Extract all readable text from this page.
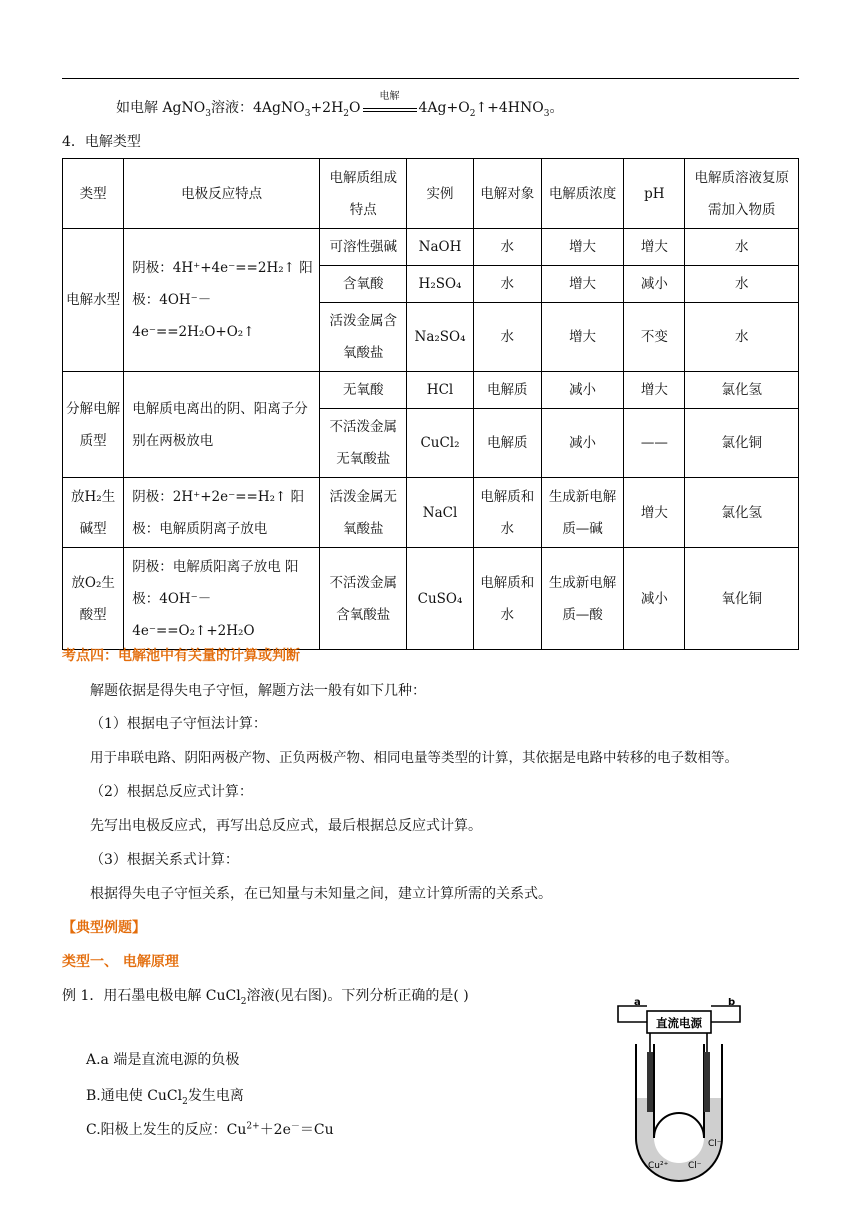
如电解 AgNO$_3$溶液：$4AgNO_3+2H_2O$
电解
$4Ag+O_2↑+4HNO_3$。
4．电解类型
类型	电极反应特点	电解质组成特点	实例	电解对象	电解质浓度	pH	电解质溶液复原需加入物质
电解水型	阴极：4H⁺+4e⁻==2H₂↑ 阳极：4OH⁻－4e⁻==2H₂O+O₂↑	可溶性强碱	NaOH	水	增大	增大	水
		含氧酸	H₂SO₄	水	增大	减小	水
		活泼金属含氧酸盐	Na₂SO₄	水	增大	不变	水
分解电解质型	电解质电离出的阴、阳离子分别在两极放电	无氧酸	HCl	电解质	减小	增大	氯化氢
		不活泼金属无氧酸盐	CuCl₂	电解质	减小	——	氯化铜
放H₂生碱型	阴极：2H⁺+2e⁻==H₂↑ 阳极：电解质阴离子放电	活泼金属无氧酸盐	NaCl	电解质和水	生成新电解质—碱	增大	氯化氢
放O₂生酸型	阴极：电解质阳离子放电 阳极：4OH⁻－4e⁻==O₂↑+2H₂O	不活泼金属含氧酸盐	CuSO₄	电解质和水	生成新电解质—酸	减小	氧化铜
考点四：电解池中有关量的计算或判断
解题依据是得失电子守恒，解题方法一般有如下几种：
（1）根据电子守恒法计算：
用于串联电路、阴阳两极产物、正负两极产物、相同电量等类型的计算，其依据是电路中转移的电子数相等。
（2）根据总反应式计算：
先写出电极反应式，再写出总反应式，最后根据总反应式计算。
（3）根据关系式计算：
根据得失电子守恒关系，在已知量与未知量之间，建立计算所需的关系式。
【典型例题】
类型一、 电解原理
例 1．用石墨电极电解 CuCl$_2$溶液(见右图)。下列分析正确的是( )
A.a 端是直流电源的负极
B.通电使 CuCl$_2$发生电离
C.阳极上发生的反应：$Cu^{2+}+2e^-=Cu$
直流电源
a	b
Cu²⁺ Cl⁻
Cl⁻
